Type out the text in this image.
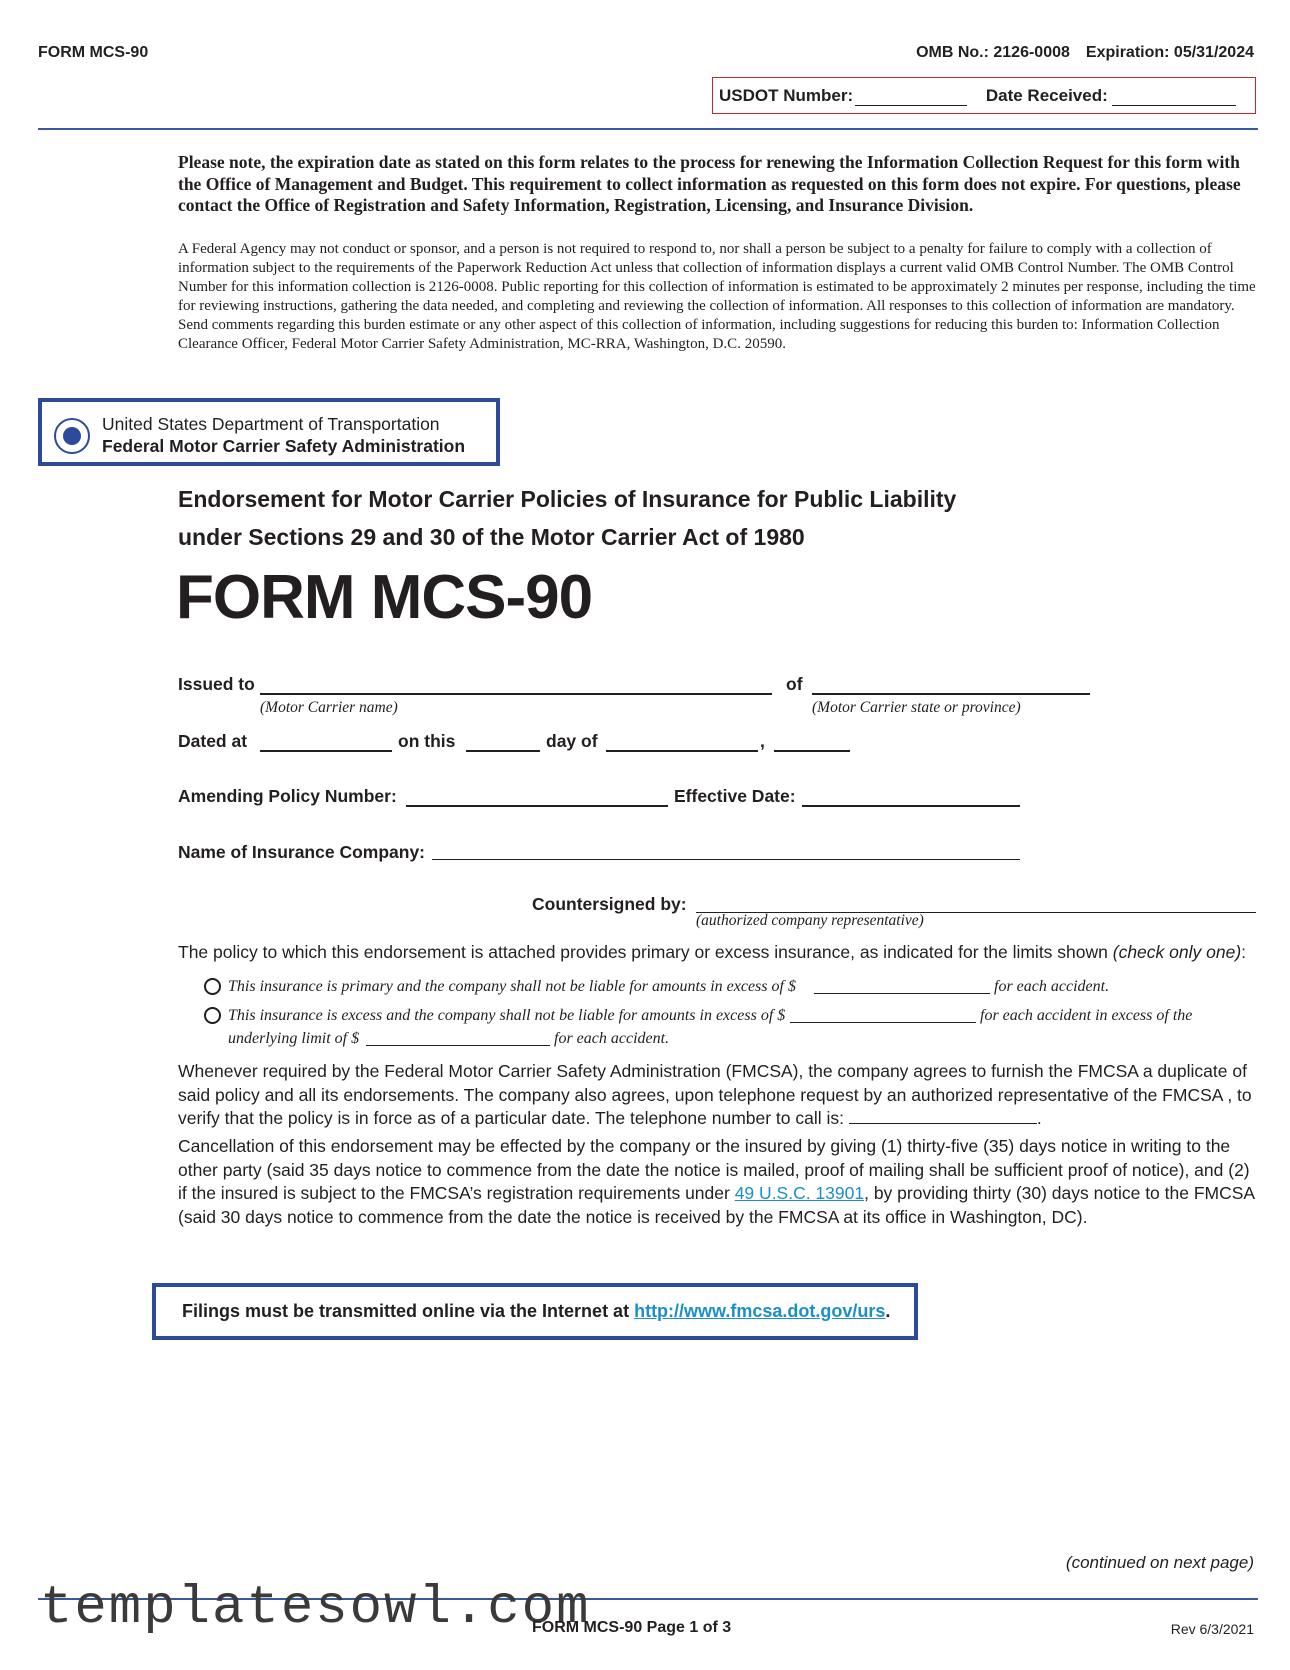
FORM MCS-90	OMB No.: 2126-0008 Expiration: 05/31/2024
USDOT Number:	Date Received:
Please note, the expiration date as stated on this form relates to the process for renewing the Information Collection Request for this form with the Office of Management and Budget. This requirement to collect information as requested on this form does not expire. For questions, please contact the Office of Registration and Safety Information, Registration, Licensing, and Insurance Division.
A Federal Agency may not conduct or sponsor, and a person is not required to respond to, nor shall a person be subject to a penalty for failure to comply with a collection of information subject to the requirements of the Paperwork Reduction Act unless that collection of information displays a current valid OMB Control Number. The OMB Control Number for this information collection is 2126-0008. Public reporting for this collection of information is estimated to be approximately 2 minutes per response, including the time for reviewing instructions, gathering the data needed, and completing and reviewing the collection of information. All responses to this collection of information are mandatory. Send comments regarding this burden estimate or any other aspect of this collection of information, including suggestions for reducing this burden to: Information Collection Clearance Officer, Federal Motor Carrier Safety Administration, MC-RRA, Washington, D.C. 20590.
United States Department of Transportation
Federal Motor Carrier Safety Administration
Endorsement for Motor Carrier Policies of Insurance for Public Liability
under Sections 29 and 30 of the Motor Carrier Act of 1980
FORM MCS-90
Issued to	of
(Motor Carrier name)	(Motor Carrier state or province)
Dated at	on this	day of	,
Amending Policy Number:	Effective Date:
Name of Insurance Company:
Countersigned by:
(authorized company representative)
The policy to which this endorsement is attached provides primary or excess insurance, as indicated for the limits shown (check only one):
This insurance is primary and the company shall not be liable for amounts in excess of $	for each accident.
This insurance is excess and the company shall not be liable for amounts in excess of $	for each accident in excess of the
underlying limit of $	for each accident.
Whenever required by the Federal Motor Carrier Safety Administration (FMCSA), the company agrees to furnish the FMCSA a duplicate of said policy and all its endorsements. The company also agrees, upon telephone request by an authorized representative of the FMCSA , to verify that the policy is in force as of a particular date. The telephone number to call is:	.
Cancellation of this endorsement may be effected by the company or the insured by giving (1) thirty-five (35) days notice in writing to the other party (said 35 days notice to commence from the date the notice is mailed, proof of mailing shall be sufficient proof of notice), and (2) if the insured is subject to the FMCSA’s registration requirements under 49 U.S.C. 13901, by providing thirty (30) days notice to the FMCSA (said 30 days notice to commence from the date the notice is received by the FMCSA at its office in Washington, DC).
Filings must be transmitted online via the Internet at http://www.fmcsa.dot.gov/urs.
(continued on next page)
templatesowl.com
FORM MCS-90 Page 1 of 3	Rev 6/3/2021
